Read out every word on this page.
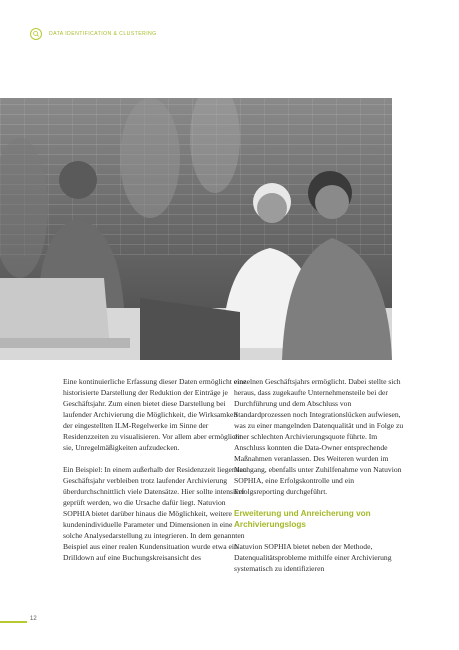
DATA IDENTIFICATION & CLUSTERING

Eine kontinuierliche Erfassung dieser Daten ermöglicht eine historisierte Darstellung der Reduktion der Einträge je Geschäftsjahr. Zum einen bietet diese Darstellung bei laufender Archivierung die Möglichkeit, die Wirksamkeit der eingestellten ILM-Regelwerke im Sinne der Residenzzeiten zu visualisieren. Vor allem aber ermöglicht sie, Unregelmäßigkeiten aufzudecken.

Ein Beispiel: In einem außerhalb der Residenzzeit liegenden Geschäftsjahr verbleiben trotz laufender Archivierung überdurchschnittlich viele Datensätze. Hier sollte intensiver geprüft werden, wo die Ursache dafür liegt. Natuvion SOPHIA bietet darüber hinaus die Möglichkeit, weitere kundenindividuelle Parameter und Dimensionen in eine solche Analysedarstellung zu integrieren. In dem genannten Beispiel aus einer realen Kundensituation wurde etwa ein Drilldown auf eine Buchungskreisansicht des

einzelnen Geschäftsjahrs ermöglicht. Dabei stellte sich heraus, dass zugekaufte Unternehmensteile bei der Durchführung und dem Abschluss von Standardprozessen noch Integrationslücken aufwiesen, was zu einer mangelnden Datenqualität und in Folge zu einer schlechten Archivierungsquote führte. Im Anschluss konnten die Data-Owner entsprechende Maßnahmen veranlassen. Des Weiteren wurden im Nachgang, ebenfalls unter Zuhilfenahme von Natuvion SOPHIA, eine Erfolgskontrolle und ein Erfolgsreporting durchgeführt.

Erweiterung und Anreicherung von Archivierungslogs

Natuvion SOPHIA bietet neben der Methode, Datenqualitätsprobleme mithilfe einer Archivierung systematisch zu identifizieren

12
